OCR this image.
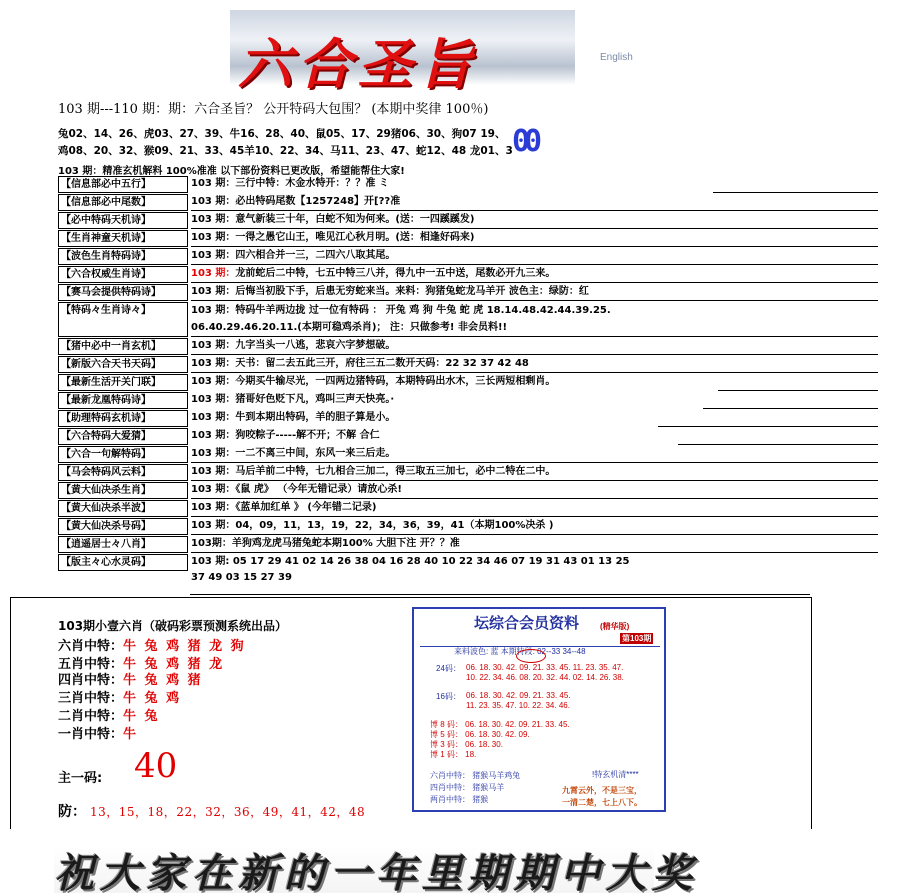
六合圣旨	English
103 期---110 期：期：六合圣旨？ 公开特码大包围？ (本期中奖律 100％)
兔02、14、26、虎03、27、39、牛16、28、40、鼠05、17、29猪06、30、狗07 19、
鸡08、20、32、猴09、21、33、45羊10、22、34、马11、23、47、蛇12、48 龙01、3 00
103 期：精准玄机解料 100%准准 以下部份资料已更改版，希望能帮住大家!
【信息部必中五行】	103 期：三行中特：木金水特开：？？准 ミ
【信息部必中尾数】	103 期：必出特码尾数【1257248】开[??准
【必中特码天机诗】	103 期：意气新装三十年，白蛇不知为何来。(送：一四蹊蹊发)
【生肖神童天机诗】	103 期：一得之愚它山王，唯见江心秋月明。(送：相逢好码来)
【波色生肖特码诗】	103 期：四六相合并一三，二四六八取其尾。
【六合权威生肖诗】	103 期：龙前蛇后二中特，七五中特三八并，得九中一五中送，尾数必开九三来。
【赛马会提供特码诗】	103 期：后悔当初股下手，后患无穷蛇来当。来料：狗猪兔蛇龙马羊开 波色主：绿防：红
【特码々生肖诗々】	103 期：特码牛羊两边拢 过一位有特码 ： 开兔 鸡 狗 牛兔 蛇 虎 18.14.48.42.44.39.25.
06.40.29.46.20.11.(本期可稳鸡杀肖)； 注：只做参考! 非会员料!!
【猪中必中一肖玄机】	103 期：九字当头一八逃，悲哀六字梦想破。
【新版六合天书天码】	103 期：天书：留二去五此三开，府往三五二数开天码：22 32 37 42 48
【最新生活开关门联】	103 期：今期买牛输尽光，一四两边猪特码，本期特码出水木，三长两短相剩肖。
【最新龙凰特码诗】	103 期：猪哥好色贬下凡，鸡叫三声天快亮。·
【助理特码玄机诗】	103 期：牛到本期出特码，羊的胆子算是小。
【六合特码大爱猜】	103 期：狗咬粽子-----解不开；不解 合仁
【六合一句解特码】	103 期：一二不离三中间，东风一来三后走。
【马会特码风云料】	103 期：马后羊前二中特，七九相合三加二，得三取五三加七，必中二特在二中。
【黄大仙决杀生肖】	103 期：《鼠 虎》 （今年无错记录）请放心杀!
【黄大仙决杀半波】	103 期：《蓝单加红单 》 (今年错二记录)
【黄大仙决杀号码】	103 期：04，09，11，13，19，22，34，36，39，41（本期100%决杀 )
【逍遥居士々八肖】	103期：羊狗鸡龙虎马猪兔蛇本期100% 大胆下注 开？？准
【版主々心水灵码】	103 期: 05 17 29 41 02 14 26 38 04 16 28 40 10 22 34 46 07 19 31 43 01 13 25
37 49 03 15 27 39
103期小壹六肖（破码彩票预测系统出品）
六肖中特：牛 兔 鸡 猪 龙 狗
五肖中特：牛 兔 鸡 猪 龙
四肖中特：牛 兔 鸡 猪
三肖中特：牛 兔 鸡
二肖中特：牛 兔
一肖中特：牛
主一码: 40
防： 13，15，18，22，32，36，49，41，42，48
坛综合会员资料	(精华版)
第103期
来料波色: 蓝 本期特段: 02--33 34--48
24码： 06. 18. 30. 42. 09. 21. 33. 45. 11. 23. 35. 47.
10. 22. 34. 46. 08. 20. 32. 44. 02. 14. 26. 38.
16码： 06. 18. 30. 42. 09. 21. 33. 45.
11. 23. 35. 47. 10. 22. 34. 46.
博 8 码： 06. 18. 30. 42. 09. 21. 33. 45.
博 5 码： 06. 18. 30. 42. 09.
博 3 码： 06. 18. 30.
博 1 码： 18.
六肖中特： 猪猴马羊鸡兔
四肖中特： 猪猴马羊
两肖中特： 猪猴
!特玄机清****
九霄云外，不是三宝，
一清二楚，七上八下。
祝大家在新的一年里期期中大奖
